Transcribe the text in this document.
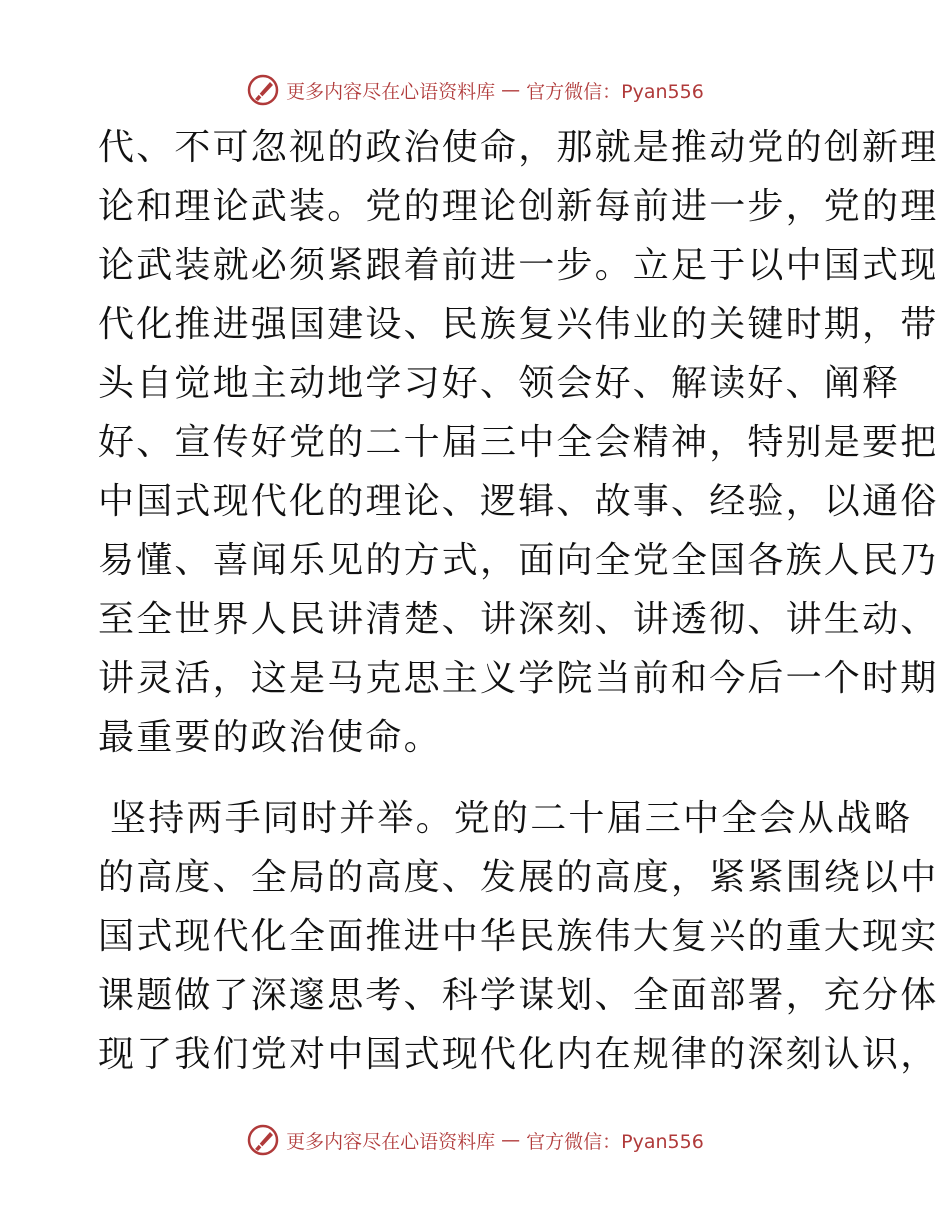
更多内容尽在心语资料库 — 官方微信：Pyan556
代、不可忽视的政治使命，那就是推动党的创新理
论和理论武装。党的理论创新每前进一步，党的理
论武装就必须紧跟着前进一步。立足于以中国式现
代化推进强国建设、民族复兴伟业的关键时期，带
头自觉地主动地学习好、领会好、解读好、阐释
好、宣传好党的二十届三中全会精神，特别是要把
中国式现代化的理论、逻辑、故事、经验，以通俗
易懂、喜闻乐见的方式，面向全党全国各族人民乃
至全世界人民讲清楚、讲深刻、讲透彻、讲生动、
讲灵活，这是马克思主义学院当前和今后一个时期
最重要的政治使命。
坚持两手同时并举。党的二十届三中全会从战略
的高度、全局的高度、发展的高度，紧紧围绕以中
国式现代化全面推进中华民族伟大复兴的重大现实
课题做了深邃思考、科学谋划、全面部署，充分体
现了我们党对中国式现代化内在规律的深刻认识，
更多内容尽在心语资料库 — 官方微信：Pyan556
